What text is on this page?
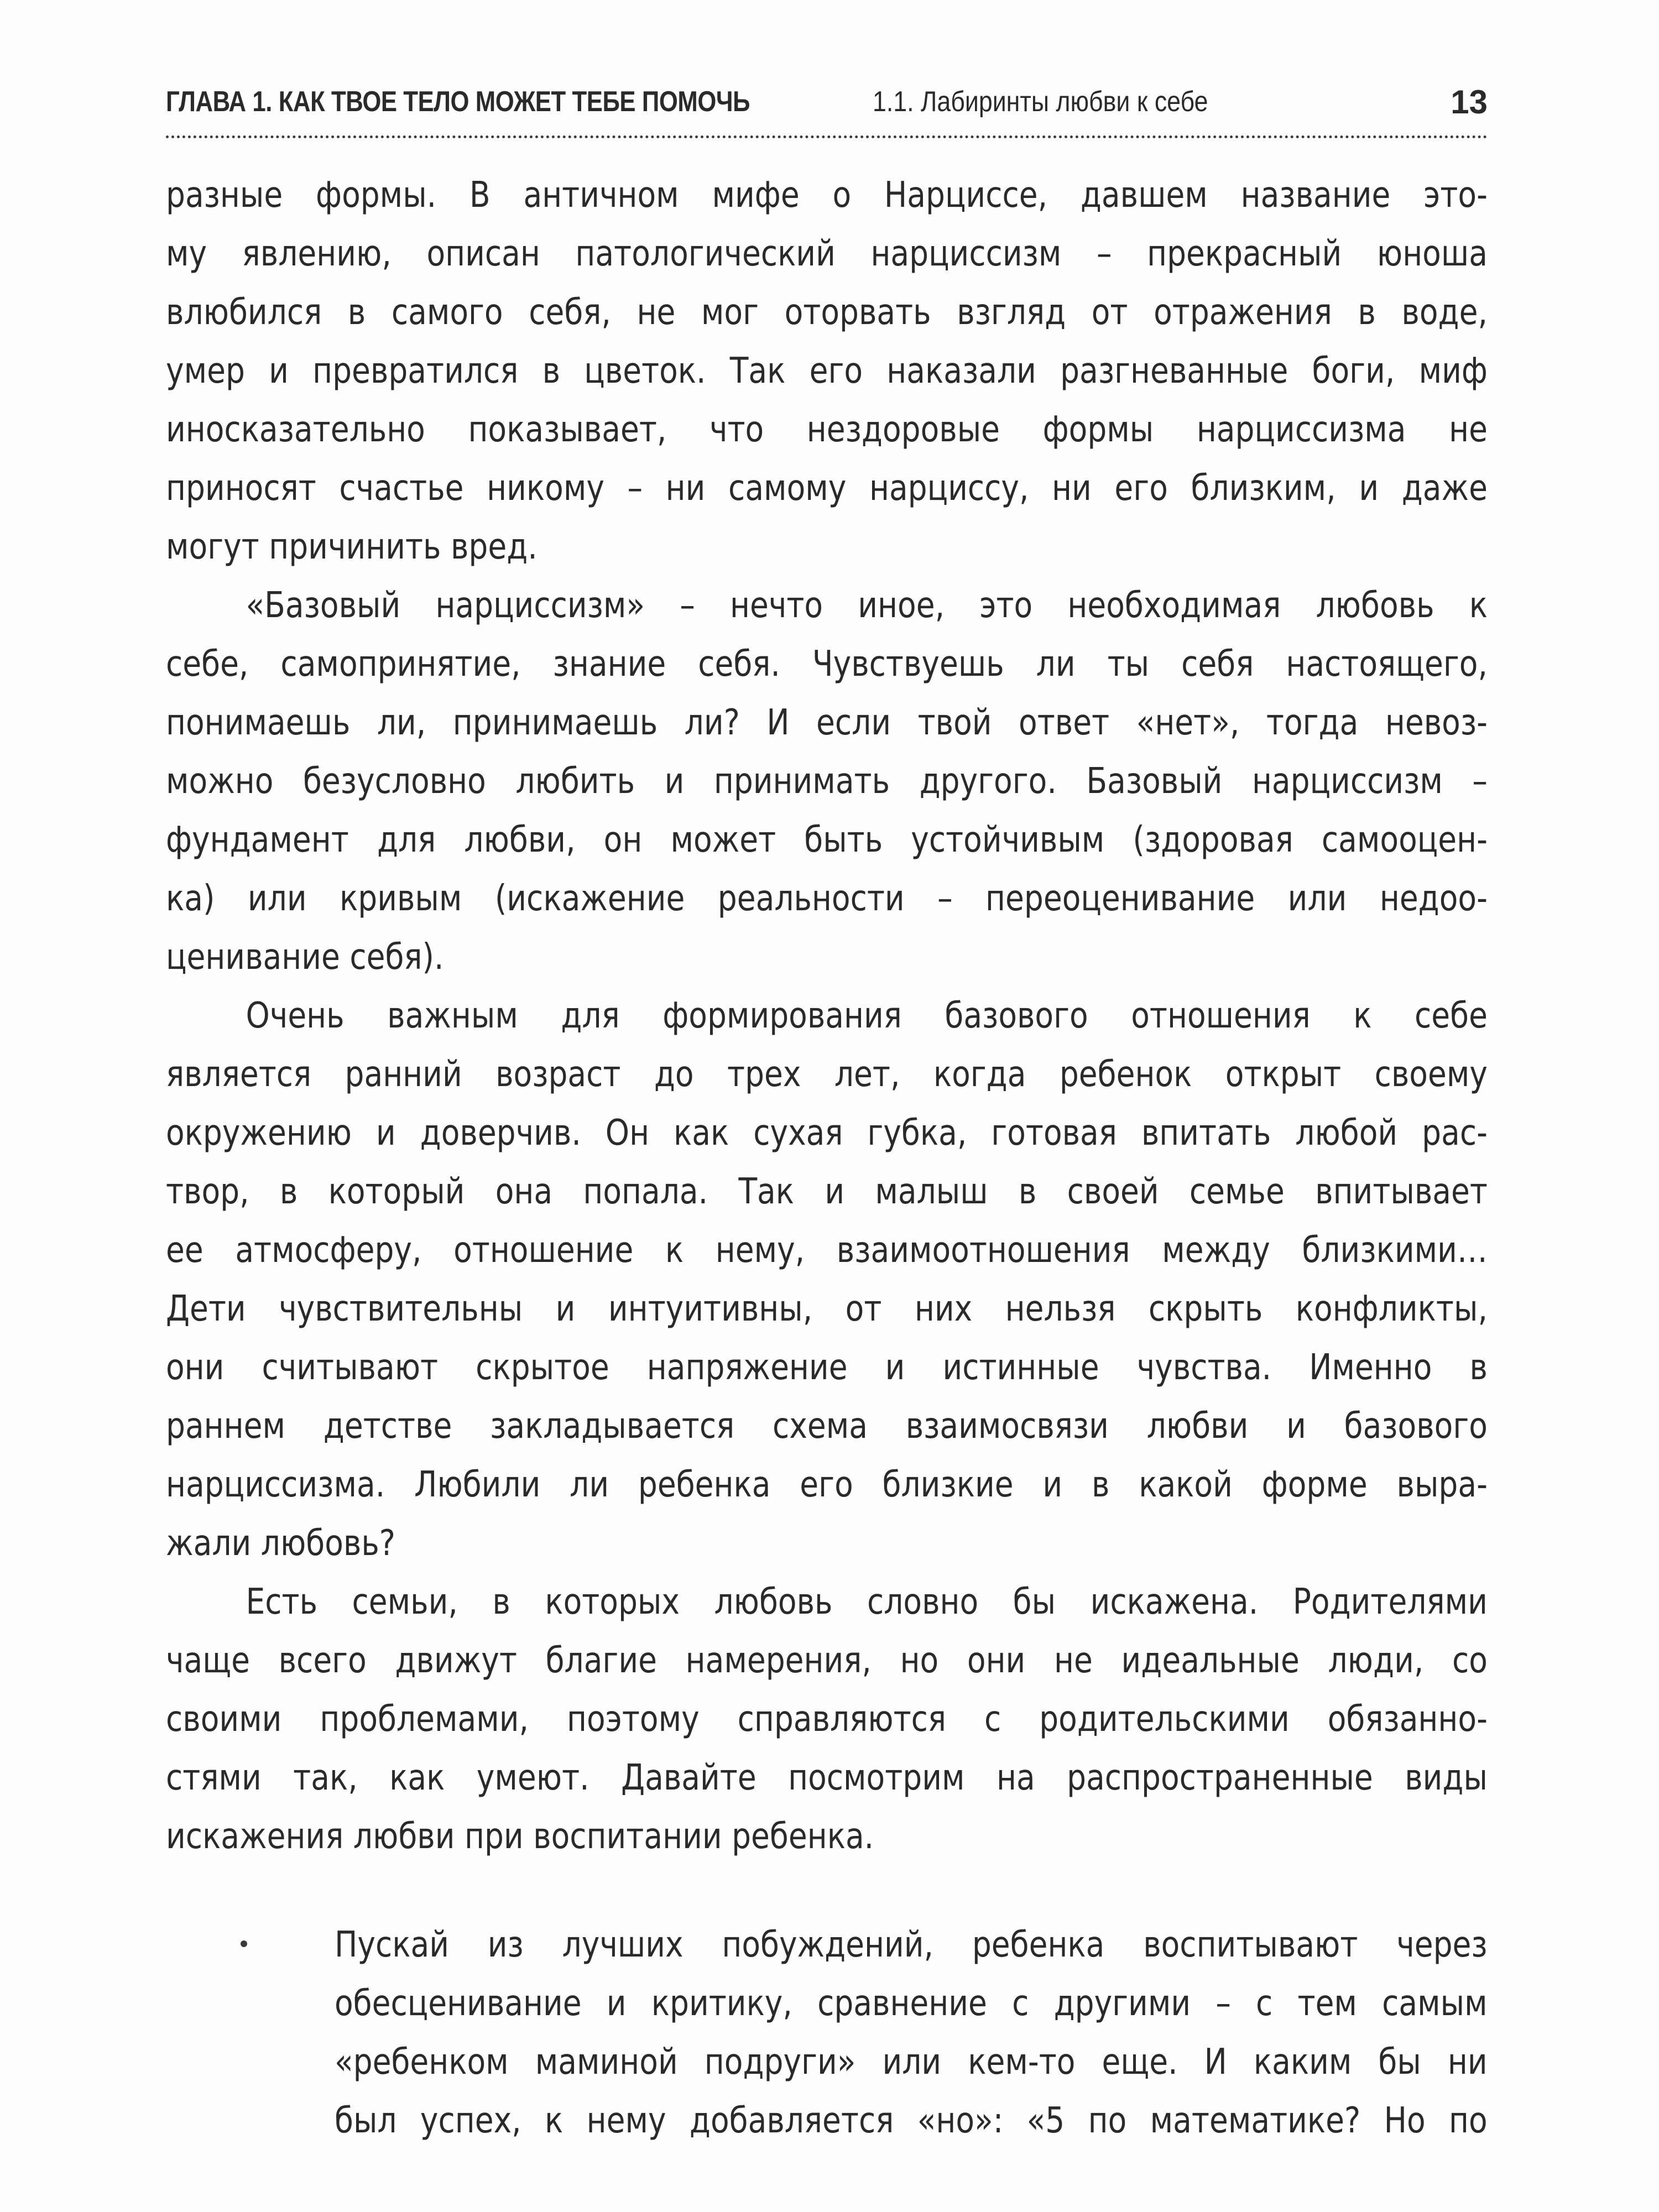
ГЛАВА 1. КАК ТВОЕ ТЕЛО МОЖЕТ ТЕБЕ ПОМОЧЬ	1.1. Лабиринты любви к себе	13
разные формы. В античном мифе о Нарциссе, давшем название это-
му явлению, описан патологический нарциссизм – прекрасный юноша
влюбился в самого себя, не мог оторвать взгляд от отражения в воде,
умер и превратился в цветок. Так его наказали разгневанные боги, миф
иносказательно показывает, что нездоровые формы нарциссизма не
приносят счастье никому – ни самому нарциссу, ни его близким, и даже
могут причинить вред.
«Базовый нарциссизм» – нечто иное, это необходимая любовь к
себе, самопринятие, знание себя. Чувствуешь ли ты себя настоящего,
понимаешь ли, принимаешь ли? И если твой ответ «нет», тогда невоз-
можно безусловно любить и принимать другого. Базовый нарциссизм –
фундамент для любви, он может быть устойчивым (здоровая самооцен-
ка) или кривым (искажение реальности – переоценивание или недоо-
ценивание себя).
Очень важным для формирования базового отношения к себе
является ранний возраст до трех лет, когда ребенок открыт своему
окружению и доверчив. Он как сухая губка, готовая впитать любой рас-
твор, в который она попала. Так и малыш в своей семье впитывает
ее атмосферу, отношение к нему, взаимоотношения между близкими…
Дети чувствительны и интуитивны, от них нельзя скрыть конфликты,
они считывают скрытое напряжение и истинные чувства. Именно в
раннем детстве закладывается схема взаимосвязи любви и базового
нарциссизма. Любили ли ребенка его близкие и в какой форме выра-
жали любовь?
Есть семьи, в которых любовь словно бы искажена. Родителями
чаще всего движут благие намерения, но они не идеальные люди, со
своими проблемами, поэтому справляются с родительскими обязанно-
стями так, как умеют. Давайте посмотрим на распространенные виды
искажения любви при воспитании ребенка.
Пускай из лучших побуждений, ребенка воспитывают через
обесценивание и критику, сравнение с другими – с тем самым
«ребенком маминой подруги» или кем-то еще. И каким бы ни
был успех, к нему добавляется «но»: «5 по математике? Но по
